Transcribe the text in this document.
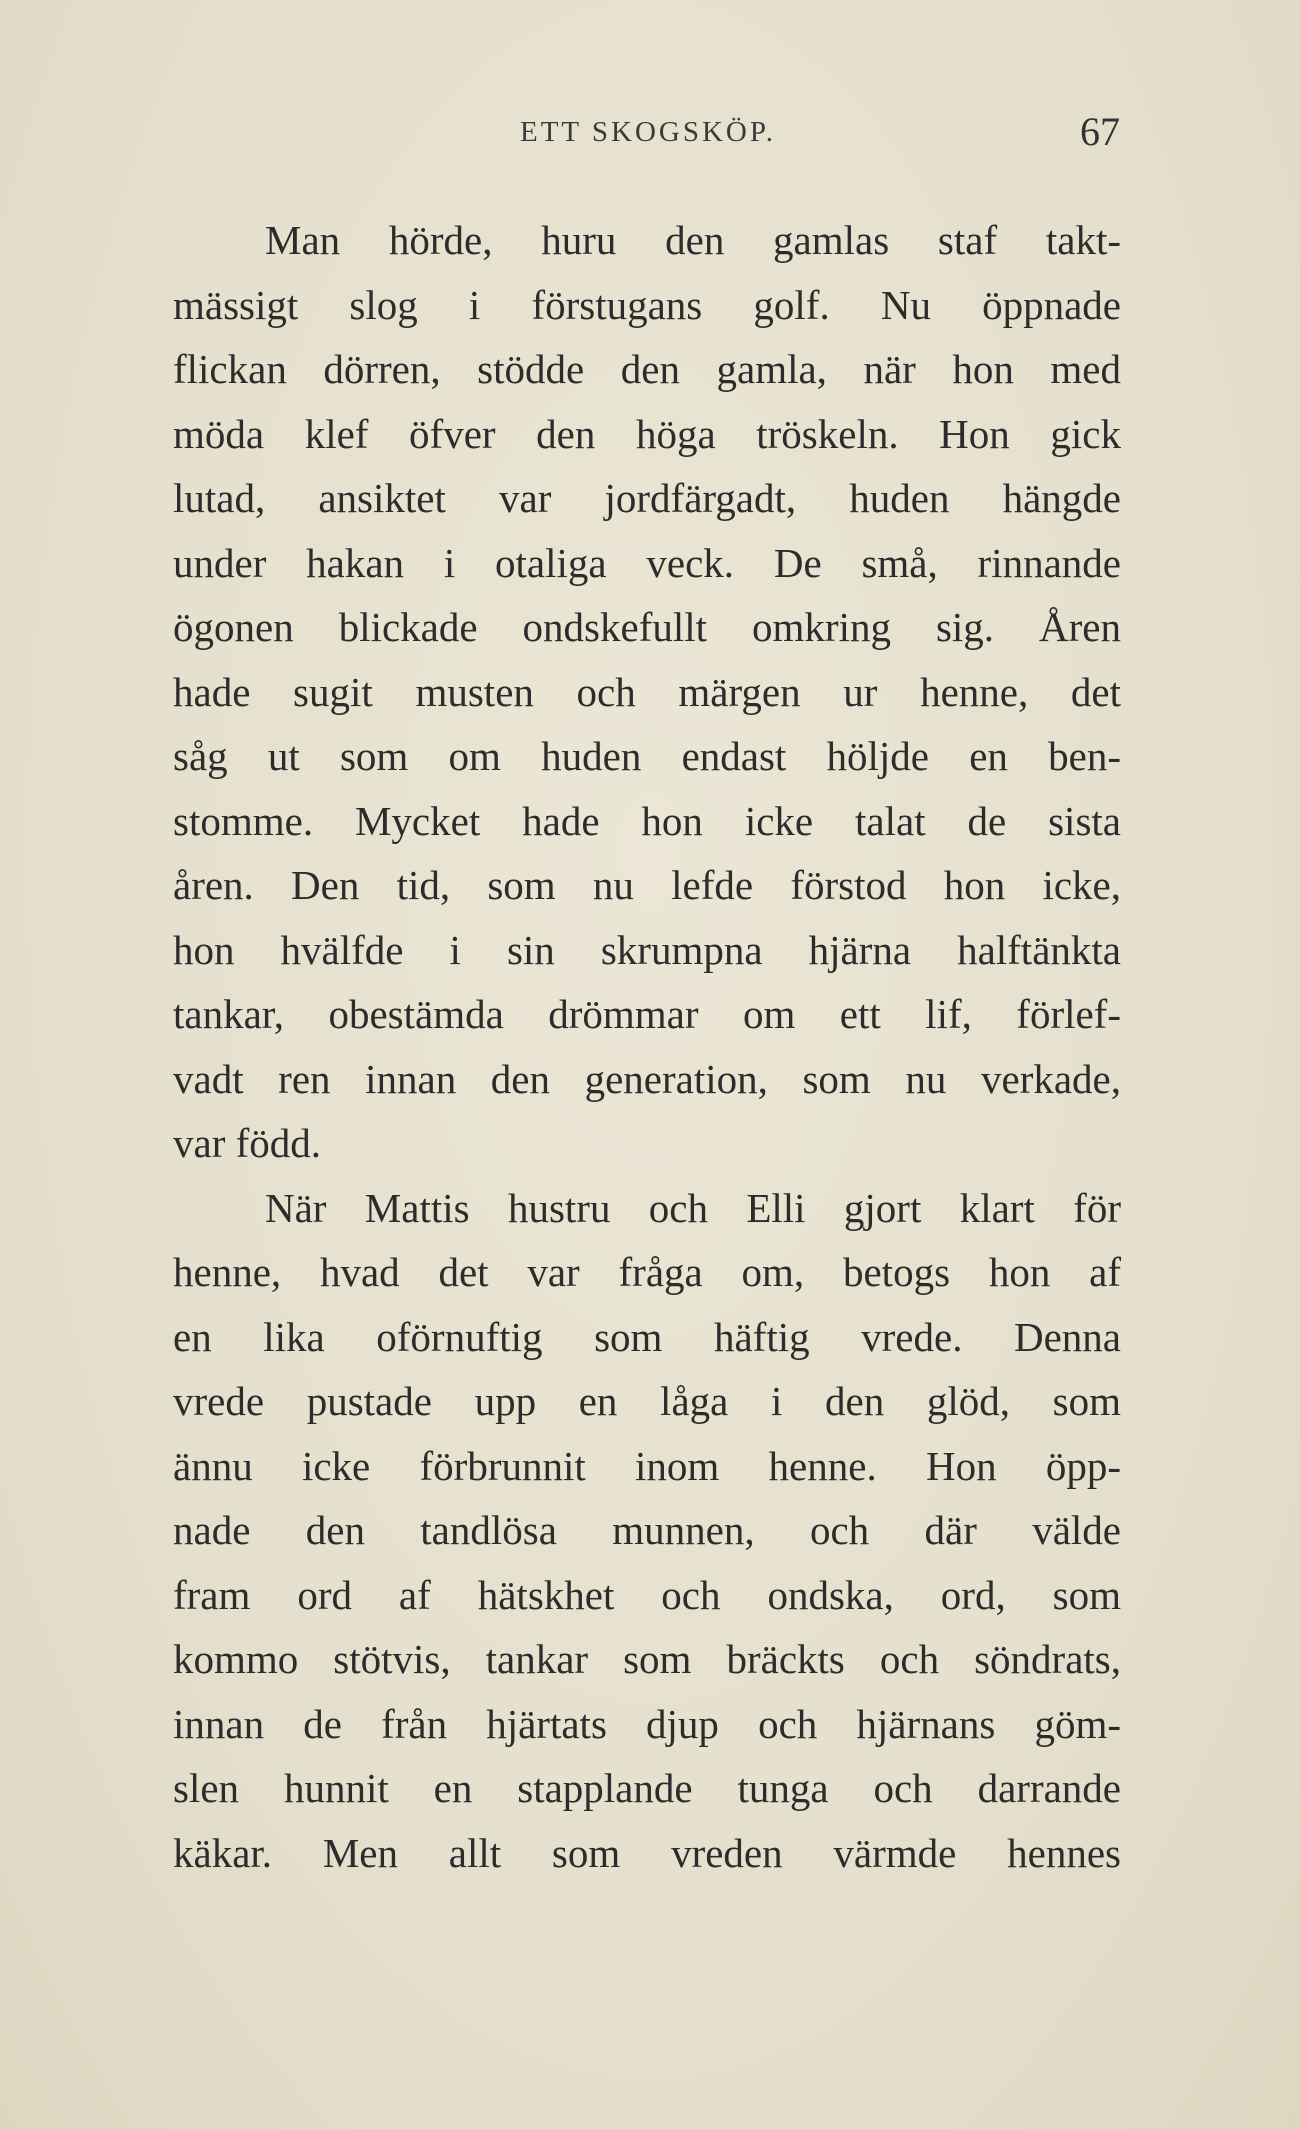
ETT SKOGSKÖP.	67
Man hörde, huru den gamlas staf takt-
mässigt slog i förstugans golf. Nu öppnade
flickan dörren, stödde den gamla, när hon med
möda klef öfver den höga tröskeln. Hon gick
lutad, ansiktet var jordfärgadt, huden hängde
under hakan i otaliga veck. De små, rinnande
ögonen blickade ondskefullt omkring sig. Åren
hade sugit musten och märgen ur henne, det
såg ut som om huden endast höljde en ben-
stomme. Mycket hade hon icke talat de sista
åren. Den tid, som nu lefde förstod hon icke,
hon hvälfde i sin skrumpna hjärna halftänkta
tankar, obestämda drömmar om ett lif, förlef-
vadt ren innan den generation, som nu verkade,
var född.
När Mattis hustru och Elli gjort klart för
henne, hvad det var fråga om, betogs hon af
en lika oförnuftig som häftig vrede. Denna
vrede pustade upp en låga i den glöd, som
ännu icke förbrunnit inom henne. Hon öpp-
nade den tandlösa munnen, och där välde
fram ord af hätskhet och ondska, ord, som
kommo stötvis, tankar som bräckts och söndrats,
innan de från hjärtats djup och hjärnans göm-
slen hunnit en stapplande tunga och darrande
käkar. Men allt som vreden värmde hennes
